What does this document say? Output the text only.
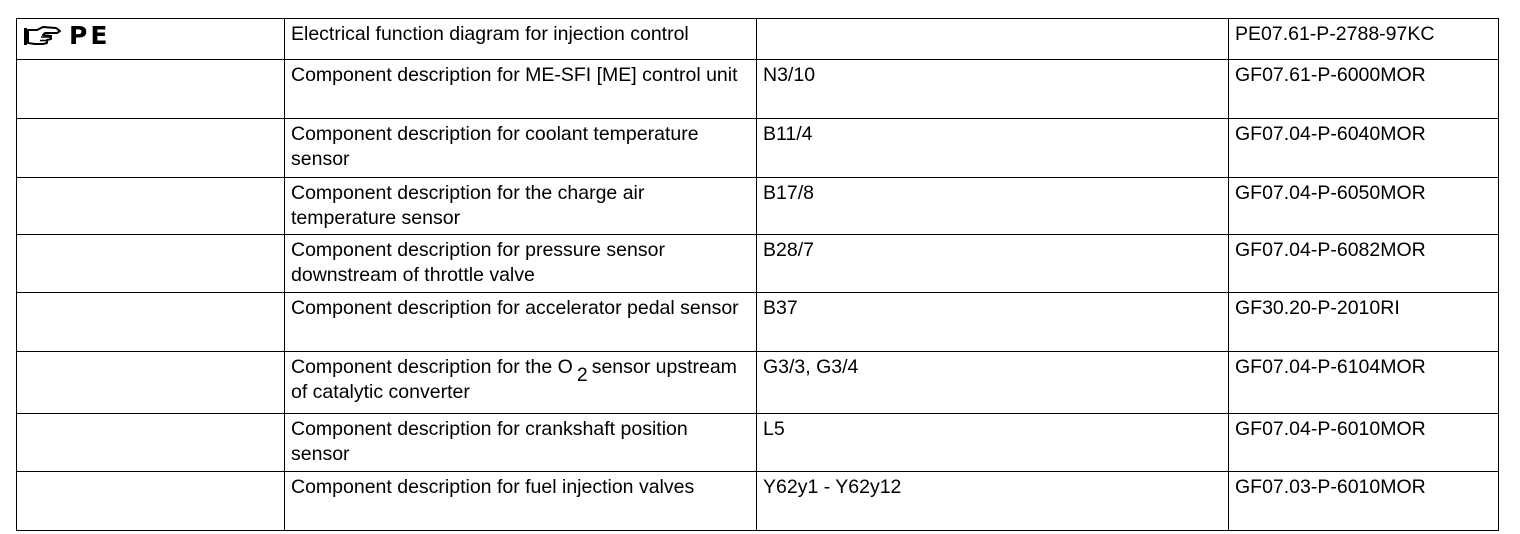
PE	Electrical function diagram for injection control		PE07.61-P-2788-97KC
	Component description for ME-SFI [ME] control unit	N3/10	GF07.61-P-6000MOR
	Component description for coolant temperature sensor	B11/4	GF07.04-P-6040MOR
	Component description for the charge air temperature sensor	B17/8	GF07.04-P-6050MOR
	Component description for pressure sensor downstream of throttle valve	B28/7	GF07.04-P-6082MOR
	Component description for accelerator pedal sensor	B37	GF30.20-P-2010RI
	Component description for the O 2 sensor upstream of catalytic converter	G3/3, G3/4	GF07.04-P-6104MOR
	Component description for crankshaft position sensor	L5	GF07.04-P-6010MOR
	Component description for fuel injection valves	Y62y1 - Y62y12	GF07.03-P-6010MOR
